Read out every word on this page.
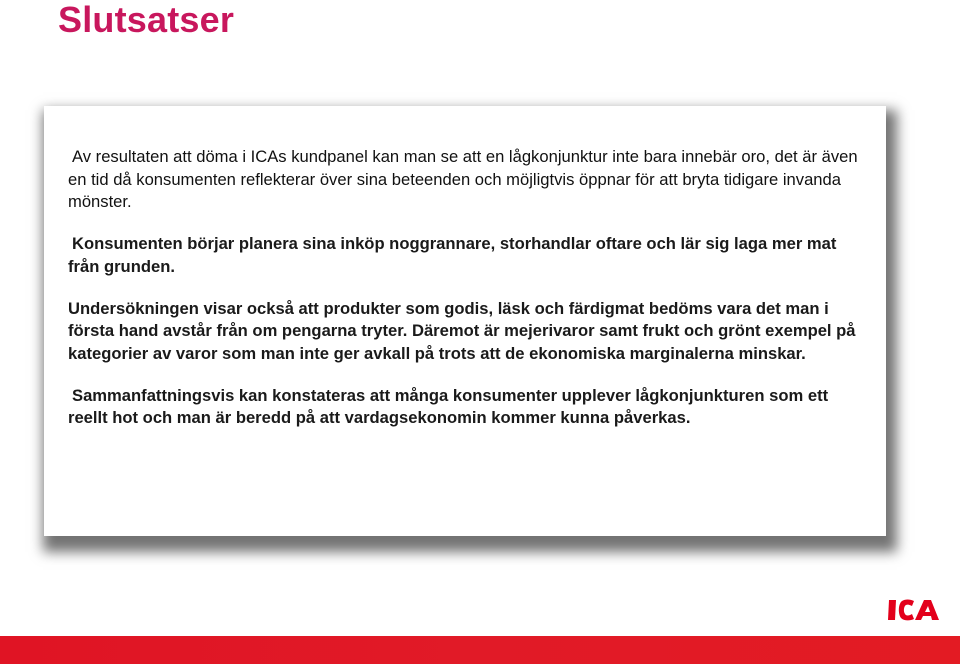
Slutsatser

Av resultaten att döma i ICAs kundpanel kan man se att en lågkonjunktur inte bara innebär oro, det är även en tid då konsumenten reflekterar över sina beteenden och möjligtvis öppnar för att bryta tidigare invanda mönster.

Konsumenten börjar planera sina inköp noggrannare, storhandlar oftare och lär sig laga mer mat från grunden.

Undersökningen visar också att produkter som godis, läsk och färdigmat bedöms vara det man i första hand avstår från om pengarna tryter. Däremot är mejerivaror samt frukt och grönt exempel på kategorier av varor som man inte ger avkall på trots att de ekonomiska marginalerna minskar.

Sammanfattningsvis kan konstateras att många konsumenter upplever lågkonjunkturen som ett reellt hot och man är beredd på att vardagsekonomin kommer kunna påverkas.
